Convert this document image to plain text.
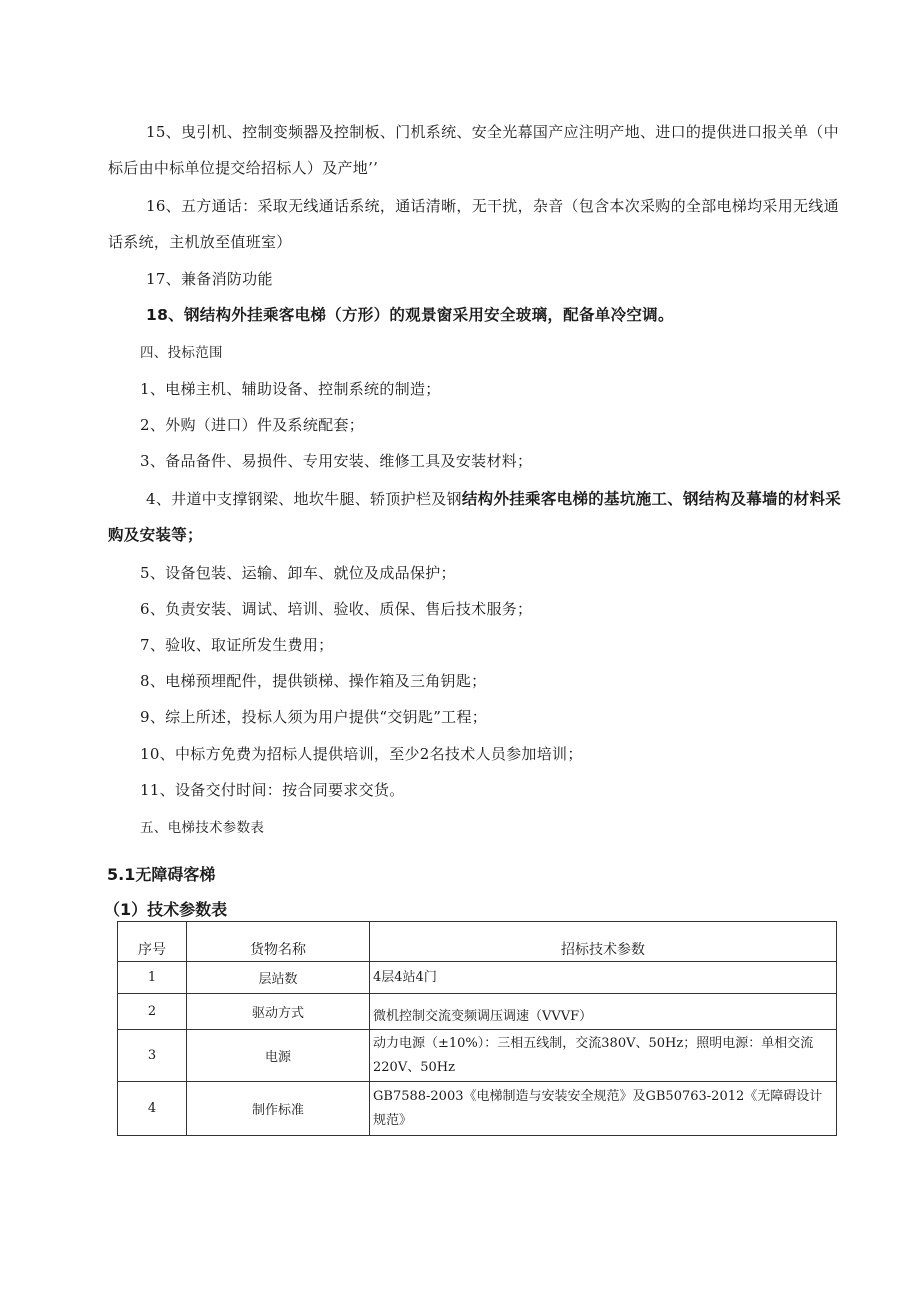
15、曳引机、控制变频器及控制板、门机系统、安全光幕国产应注明产地、进口的提供进口报关单（中标后由中标单位提交给招标人）及产地’’
16、五方通话：采取无线通话系统，通话清晰，无干扰，杂音（包含本次采购的全部电梯均采用无线通话系统，主机放至值班室）
17、兼备消防功能
18、钢结构外挂乘客电梯（方形）的观景窗采用安全玻璃，配备单冷空调。
四、投标范围
1、电梯主机、辅助设备、控制系统的制造；
2、外购（进口）件及系统配套；
3、备品备件、易损件、专用安装、维修工具及安装材料；
4、井道中支撑钢梁、地坎牛腿、轿顶护栏及钢结构外挂乘客电梯的基坑施工、钢结构及幕墙的材料采购及安装等；
5、设备包装、运输、卸车、就位及成品保护；
6、负责安装、调试、培训、验收、质保、售后技术服务；
7、验收、取证所发生费用；
8、电梯预埋配件，提供锁梯、操作箱及三角钥匙；
9、综上所述，投标人须为用户提供“交钥匙”工程；
10、中标方免费为招标人提供培训，至少2名技术人员参加培训；
11、设备交付时间：按合同要求交货。
五、电梯技术参数表
5.1无障碍客梯
（1）技术参数表
序号	货物名称	招标技术参数
1	层站数	4层4站4门
2	驱动方式	微机控制交流变频调压调速（VVVF）
3	电源	动力电源（±10%）：三相五线制，交流380V、50Hz；照明电源：单相交流220V、50Hz
4	制作标准	GB7588-2003《电梯制造与安装安全规范》及GB50763-2012《无障碍设计规范》
